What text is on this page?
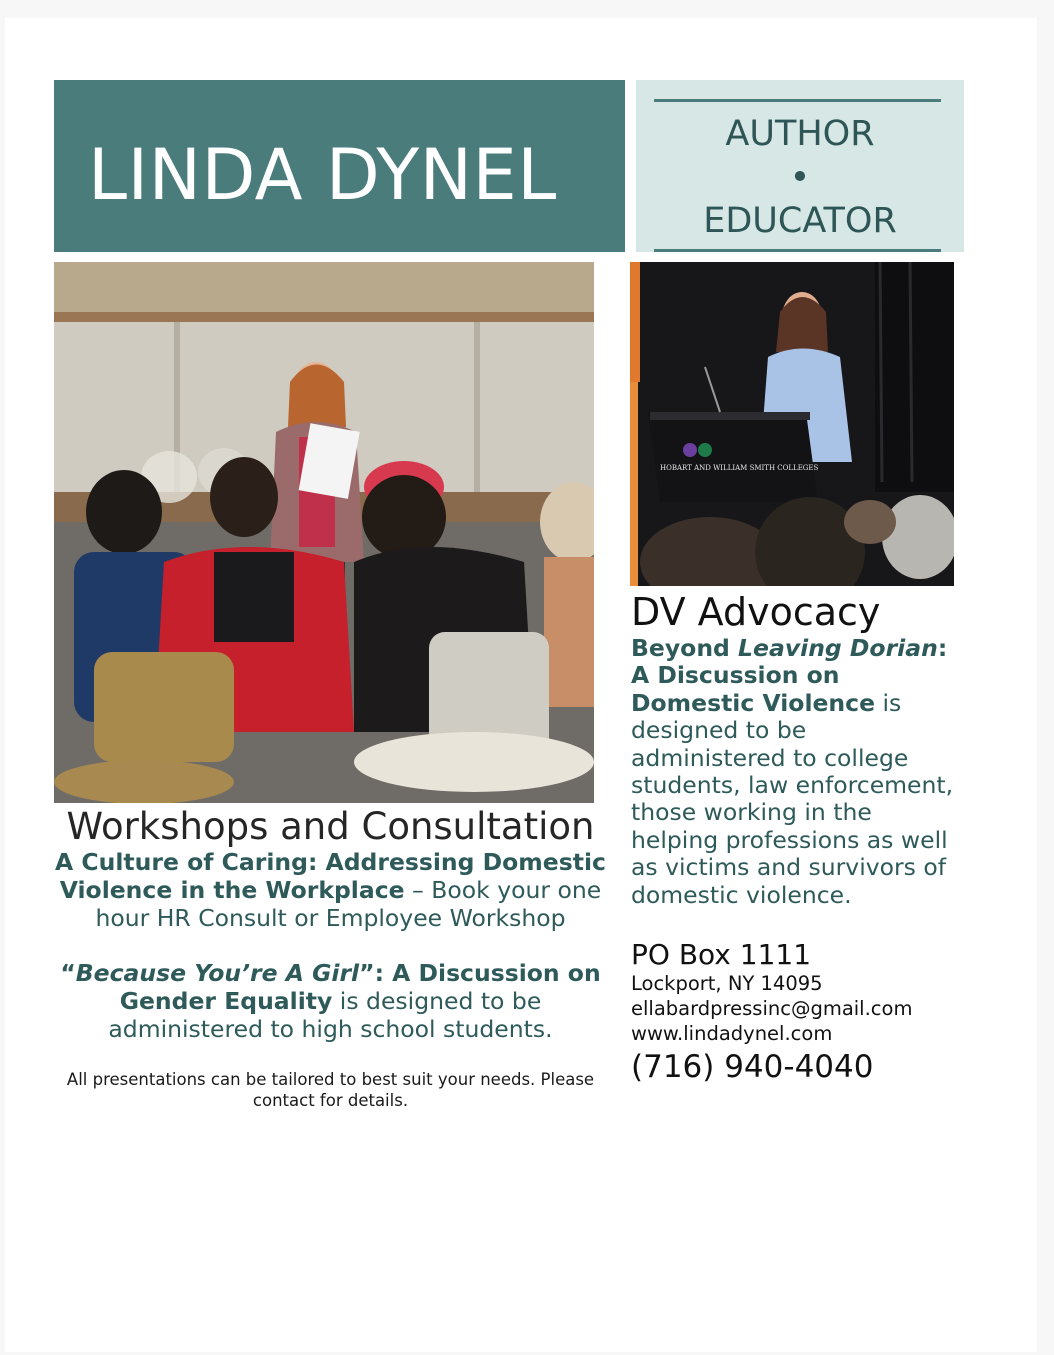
LINDA DYNEL	AUTHOR
•
EDUCATOR
HOBART AND WILLIAM SMITH COLLEGES
Workshops and Consultation
A Culture of Caring: Addressing Domestic Violence in the Workplace – Book your one hour HR Consult or Employee Workshop
“Because You’re A Girl”: A Discussion on Gender Equality is designed to be administered to high school students.
All presentations can be tailored to best suit your needs. Please contact for details.
DV Advocacy
Beyond Leaving Dorian: A Discussion on Domestic Violence is designed to be administered to college students, law enforcement, those working in the helping professions as well as victims and survivors of domestic violence.
PO Box 1111
Lockport, NY 14095
ellabardpressinc@gmail.com
www.lindadynel.com
(716) 940-4040
